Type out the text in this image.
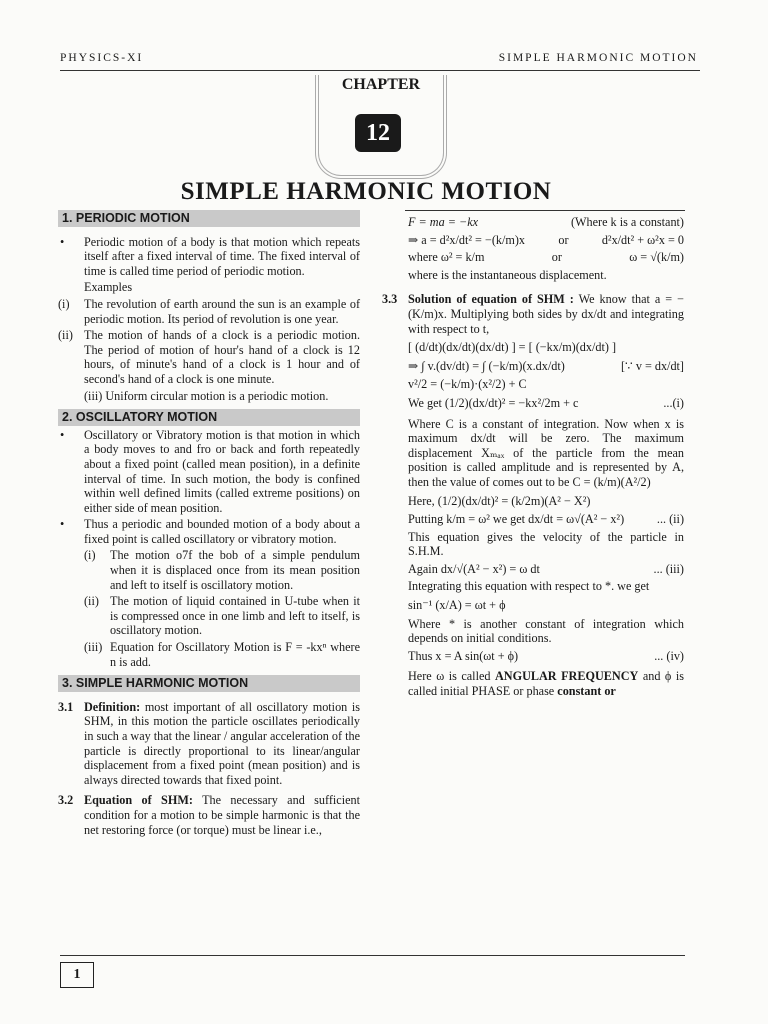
PHYSICS-XI	SIMPLE HARMONIC MOTION
CHAPTER
12
SIMPLE HARMONIC MOTION
1. PERIODIC MOTION
• Periodic motion of a body is that motion which repeats itself after a fixed interval of time. The fixed interval of time is called time period of periodic motion.
Examples
(i) The revolution of earth around the sun is an example of periodic motion. Its period of revolution is one year.
(ii) The motion of hands of a clock is a periodic motion. The period of motion of hour's hand of a clock is 12 hours, of minute's hand of a clock is 1 hour and of second's hand of a clock is one minute.
(iii) Uniform circular motion is a periodic motion.
2. OSCILLATORY MOTION
• Oscillatory or Vibratory motion is that motion in which a body moves to and fro or back and forth repeatedly about a fixed point (called mean position), in a definite interval of time. In such motion, the body is confined within well defined limits (called extreme positions) on either side of mean position.
• Thus a periodic and bounded motion of a body about a fixed point is called oscillatory or vibratory motion.
(i) The motion o7f the bob of a simple pendulum when it is displaced once from its mean position and left to itself is oscillatory motion.
(ii) The motion of liquid contained in U-tube when it is compressed once in one limb and left to itself, is oscillatory motion.
(iii) Equation for Oscillatory Motion is F = -kxⁿ where n is add.
3. SIMPLE HARMONIC MOTION
3.1 Definition: most important of all oscillatory motion is SHM, in this motion the particle oscillates periodically in such a way that the linear / angular acceleration of the particle is directly proportional to its linear/angular displacement from a fixed point (mean position) and is always directed towards that fixed point.
3.2 Equation of SHM: The necessary and sufficient condition for a motion to be simple harmonic is that the net restoring force (or torque) must be linear i.e.,
F = ma = −kx	(Where k is a constant)
⇒ a = d²x/dt² = −(k/m)x	or	d²x/dt² + ω²x = 0
where ω² = k/m	or	ω = √(k/m)
where is the instantaneous displacement.
3.3 Solution of equation of SHM : We know that a = −(K/m)x. Multiplying both sides by dx/dt and integrating with respect to t,
[ (d/dt)(dx/dt)(dx/dt) ] = [ (−kx/m)(dx/dt) ]
⇒ ∫ v.(dv/dt) = ∫ (−k/m)(x.dx/dt)	[∵ v = dx/dt]
v²/2 = (−k/m)·(x²/2) + C
We get (1/2)(dx/dt)² = −kx²/2m + c	...(i)
Where C is a constant of integration. Now when x is maximum dx/dt will be zero. The maximum displacement Xₘₐₓ of the particle from the mean position is called amplitude and is represented by A, then the value of comes out to be C = (k/m)(A²/2)
Here, (1/2)(dx/dt)² = (k/2m)(A² − X²)
Putting k/m = ω² we get dx/dt = ω√(A² − x²)	... (ii)
This equation gives the velocity of the particle in S.H.M.
Again dx/√(A² − x²) = ω dt	... (iii)
Integrating this equation with respect to *. we get
sin⁻¹ (x/A) = ωt + ϕ
Where * is another constant of integration which depends on initial conditions.
Thus x = A sin(ωt + ϕ)	... (iv)
Here ω is called ANGULAR FREQUENCY and ϕ is called initial PHASE or phase constant or
1
